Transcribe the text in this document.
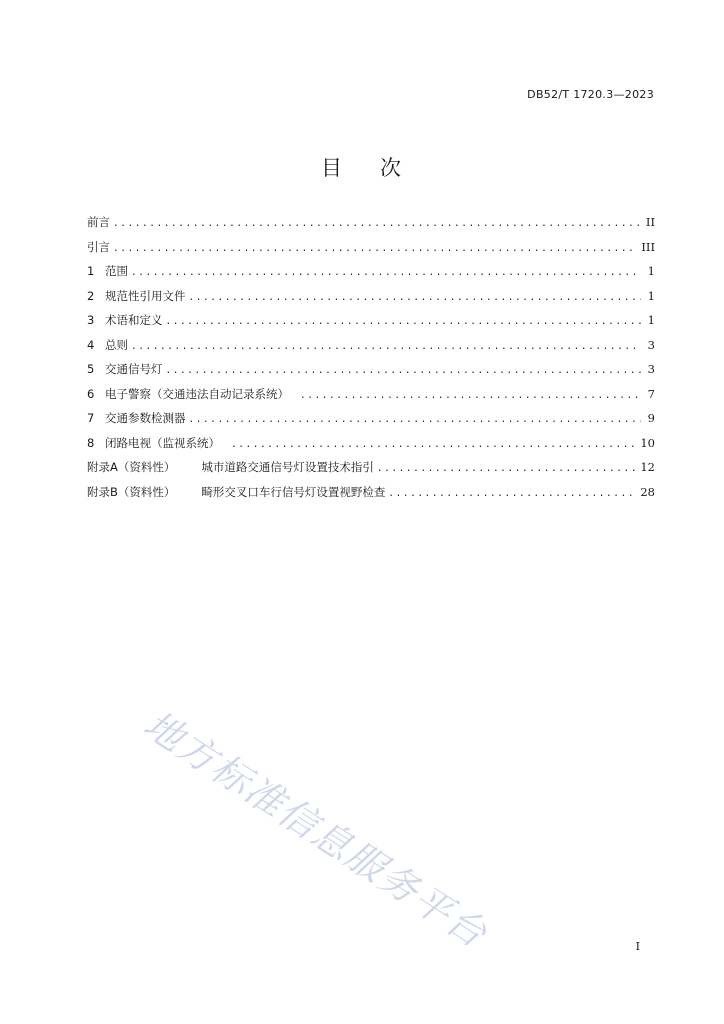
DB52/T 1720.3—2023
目 次
前言 .....	II
引言 .....	III
1 范围 .....	1
2 规范性引用文件 .....	1
3 术语和定义 .....	1
4 总则 .....	3
5 交通信号灯 .....	3
6 电子警察（交通违法自动记录系统） .....	7
7 交通参数检测器 .....	9
8 闭路电视（监视系统） .....	10
附录A（资料性） 城市道路交通信号灯设置技术指引 .....	12
附录B（资料性） 畸形交叉口车行信号灯设置视野检查 .....	28
地方标准信息服务平台	I
